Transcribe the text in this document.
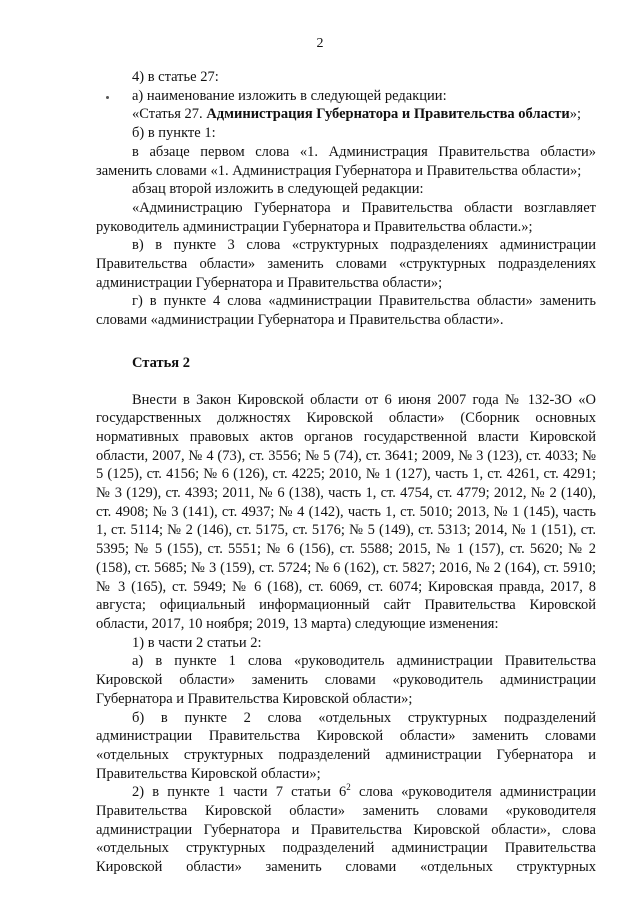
2

4) в статье 27:

а) наименование изложить в следующей редакции:

«Статья 27. Администрация Губернатора и Правительства области»;

б) в пункте 1:

в абзаце первом слова «1. Администрация Правительства области» заменить словами «1. Администрация Губернатора и Правительства области»;

абзац второй изложить в следующей редакции:

«Администрацию Губернатора и Правительства области возглавляет руководитель администрации Губернатора и Правительства области.»;

в) в пункте 3 слова «структурных подразделениях администрации Правительства области» заменить словами «структурных подразделениях администрации Губернатора и Правительства области»;

г) в пункте 4 слова «администрации Правительства области» заменить словами «администрации Губернатора и Правительства области».

Статья 2

Внести в Закон Кировской области от 6 июня 2007 года № 132-ЗО «О государственных должностях Кировской области» (Сборник основных нормативных правовых актов органов государственной власти Кировской области, 2007, № 4 (73), ст. 3556; № 5 (74), ст. 3641; 2009, № 3 (123), ст. 4033; № 5 (125), ст. 4156; № 6 (126), ст. 4225; 2010, № 1 (127), часть 1, ст. 4261, ст. 4291; № 3 (129), ст. 4393; 2011, № 6 (138), часть 1, ст. 4754, ст. 4779; 2012, № 2 (140), ст. 4908; № 3 (141), ст. 4937; № 4 (142), часть 1, ст. 5010; 2013, № 1 (145), часть 1, ст. 5114; № 2 (146), ст. 5175, ст. 5176; № 5 (149), ст. 5313; 2014, № 1 (151), ст. 5395; № 5 (155), ст. 5551; № 6 (156), ст. 5588; 2015, № 1 (157), ст. 5620; № 2 (158), ст. 5685; № 3 (159), ст. 5724; № 6 (162), ст. 5827; 2016, № 2 (164), ст. 5910; № 3 (165), ст. 5949; № 6 (168), ст. 6069, ст. 6074; Кировская правда, 2017, 8 августа; официальный информационный сайт Правительства Кировской области, 2017, 10 ноября; 2019, 13 марта) следующие изменения:

1) в части 2 статьи 2:

а) в пункте 1 слова «руководитель администрации Правительства Кировской области» заменить словами «руководитель администрации Губернатора и Правительства Кировской области»;

б) в пункте 2 слова «отдельных структурных подразделений администрации Правительства Кировской области» заменить словами «отдельных структурных подразделений администрации Губернатора и Правительства Кировской области»;

2) в пункте 1 части 7 статьи $6^2$ слова «руководителя администрации Правительства Кировской области» заменить словами «руководителя администрации Губернатора и Правительства Кировской области», слова «отдельных структурных подразделений администрации Правительства Кировской области» заменить словами «отдельных структурных
